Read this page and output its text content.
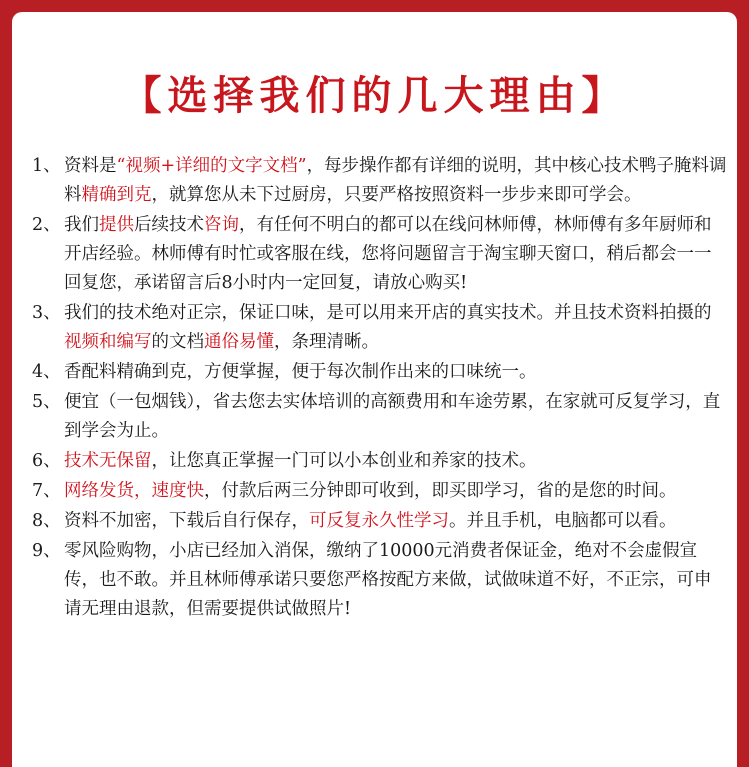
【选择我们的几大理由】
1、 资料是“视频+详细的文字文档”，每步操作都有详细的说明，其中核心技术鸭子腌料调料精确到克，就算您从未下过厨房，只要严格按照资料一步步来即可学会。
2、 我们提供后续技术咨询，有任何不明白的都可以在线问林师傅，林师傅有多年厨师和开店经验。林师傅有时忙或客服在线，您将问题留言于淘宝聊天窗口，稍后都会一一回复您，承诺留言后8小时内一定回复，请放心购买!
3、 我们的技术绝对正宗，保证口味，是可以用来开店的真实技术。并且技术资料拍摄的视频和编写的文档通俗易懂，条理清晰。
4、 香配料精确到克，方便掌握，便于每次制作出来的口味统一。
5、 便宜（一包烟钱），省去您去实体培训的高额费用和车途劳累，在家就可反复学习，直到学会为止。
6、 技术无保留，让您真正掌握一门可以小本创业和养家的技术。
7、 网络发货，速度快，付款后两三分钟即可收到，即买即学习，省的是您的时间。
8、 资料不加密，下载后自行保存，可反复永久性学习。并且手机，电脑都可以看。
9、 零风险购物，小店已经加入消保，缴纳了10000元消费者保证金，绝对不会虚假宣传，也不敢。并且林师傅承诺只要您严格按配方来做，试做味道不好，不正宗，可申请无理由退款，但需要提供试做照片!
